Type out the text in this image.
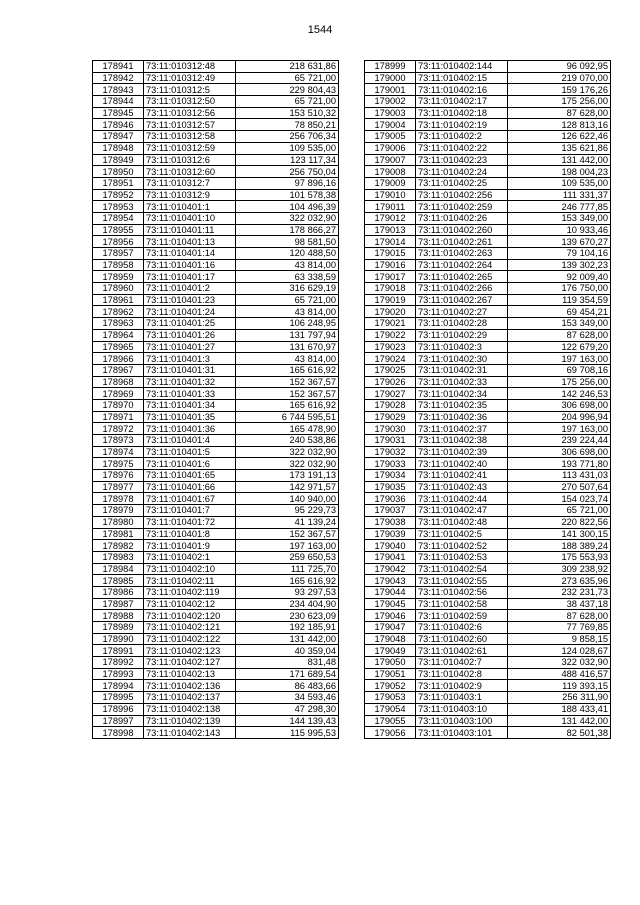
1544
178941	73:11:010312:48	218 631,86
178942	73:11:010312:49	65 721,00
178943	73:11:010312:5	229 804,43
178944	73:11:010312:50	65 721,00
178945	73:11:010312:56	153 510,32
178946	73:11:010312:57	78 850,21
178947	73:11:010312:58	256 706,34
178948	73:11:010312:59	109 535,00
178949	73:11:010312:6	123 117,34
178950	73:11:010312:60	256 750,04
178951	73:11:010312:7	97 896,16
178952	73:11:010312:9	101 578,38
178953	73:11:010401:1	104 496,39
178954	73:11:010401:10	322 032,90
178955	73:11:010401:11	178 866,27
178956	73:11:010401:13	98 581,50
178957	73:11:010401:14	120 488,50
178958	73:11:010401:16	43 814,00
178959	73:11:010401:17	63 338,59
178960	73:11:010401:2	316 629,19
178961	73:11:010401:23	65 721,00
178962	73:11:010401:24	43 814,00
178963	73:11:010401:25	106 248,95
178964	73:11:010401:26	131 797,94
178965	73:11:010401:27	131 670,97
178966	73:11:010401:3	43 814,00
178967	73:11:010401:31	165 616,92
178968	73:11:010401:32	152 367,57
178969	73:11:010401:33	152 367,57
178970	73:11:010401:34	165 616,92
178971	73:11:010401:35	6 744 595,51
178972	73:11:010401:36	165 478,90
178973	73:11:010401:4	240 538,86
178974	73:11:010401:5	322 032,90
178975	73:11:010401:6	322 032,90
178976	73:11:010401:65	173 191,13
178977	73:11:010401:66	142 971,57
178978	73:11:010401:67	140 940,00
178979	73:11:010401:7	95 229,73
178980	73:11:010401:72	41 139,24
178981	73:11:010401:8	152 367,57
178982	73:11:010401:9	197 163,00
178983	73:11:010402:1	259 650,53
178984	73:11:010402:10	111 725,70
178985	73:11:010402:11	165 616,92
178986	73:11:010402:119	93 297,53
178987	73:11:010402:12	234 404,90
178988	73:11:010402:120	230 623,09
178989	73:11:010402:121	192 185,91
178990	73:11:010402:122	131 442,00
178991	73:11:010402:123	40 359,04
178992	73:11:010402:127	831,48
178993	73:11:010402:13	171 689,54
178994	73:11:010402:136	86 483,66
178995	73:11:010402:137	34 593,46
178996	73:11:010402:138	47 298,30
178997	73:11:010402:139	144 139,43
178998	73:11:010402:143	115 995,53
178999	73:11:010402:144	96 092,95
179000	73:11:010402:15	219 070,00
179001	73:11:010402:16	159 176,26
179002	73:11:010402:17	175 256,00
179003	73:11:010402:18	87 628,00
179004	73:11:010402:19	128 813,16
179005	73:11:010402:2	126 622,46
179006	73:11:010402:22	135 621,86
179007	73:11:010402:23	131 442,00
179008	73:11:010402:24	198 004,23
179009	73:11:010402:25	109 535,00
179010	73:11:010402:256	111 331,37
179011	73:11:010402:259	246 777,85
179012	73:11:010402:26	153 349,00
179013	73:11:010402:260	10 933,46
179014	73:11:010402:261	139 670,27
179015	73:11:010402:263	79 104,16
179016	73:11:010402:264	139 302,23
179017	73:11:010402:265	92 009,40
179018	73:11:010402:266	176 750,00
179019	73:11:010402:267	119 354,59
179020	73:11:010402:27	69 454,21
179021	73:11:010402:28	153 349,00
179022	73:11:010402:29	87 628,00
179023	73:11:010402:3	122 679,20
179024	73:11:010402:30	197 163,00
179025	73:11:010402:31	69 708,16
179026	73:11:010402:33	175 256,00
179027	73:11:010402:34	142 246,53
179028	73:11:010402:35	306 698,00
179029	73:11:010402:36	204 996,94
179030	73:11:010402:37	197 163,00
179031	73:11:010402:38	239 224,44
179032	73:11:010402:39	306 698,00
179033	73:11:010402:40	193 771,80
179034	73:11:010402:41	113 431,03
179035	73:11:010402:43	270 507,64
179036	73:11:010402:44	154 023,74
179037	73:11:010402:47	65 721,00
179038	73:11:010402:48	220 822,56
179039	73:11:010402:5	141 300,15
179040	73:11:010402:52	188 389,24
179041	73:11:010402:53	175 553,93
179042	73:11:010402:54	309 238,92
179043	73:11:010402:55	273 635,96
179044	73:11:010402:56	232 231,73
179045	73:11:010402:58	38 437,18
179046	73:11:010402:59	87 628,00
179047	73:11:010402:6	77 769,85
179048	73:11:010402:60	9 858,15
179049	73:11:010402:61	124 028,67
179050	73:11:010402:7	322 032,90
179051	73:11:010402:8	488 416,57
179052	73:11:010402:9	119 393,15
179053	73:11:010403:1	256 311,90
179054	73:11:010403:10	188 433,41
179055	73:11:010403:100	131 442,00
179056	73:11:010403:101	82 501,38
